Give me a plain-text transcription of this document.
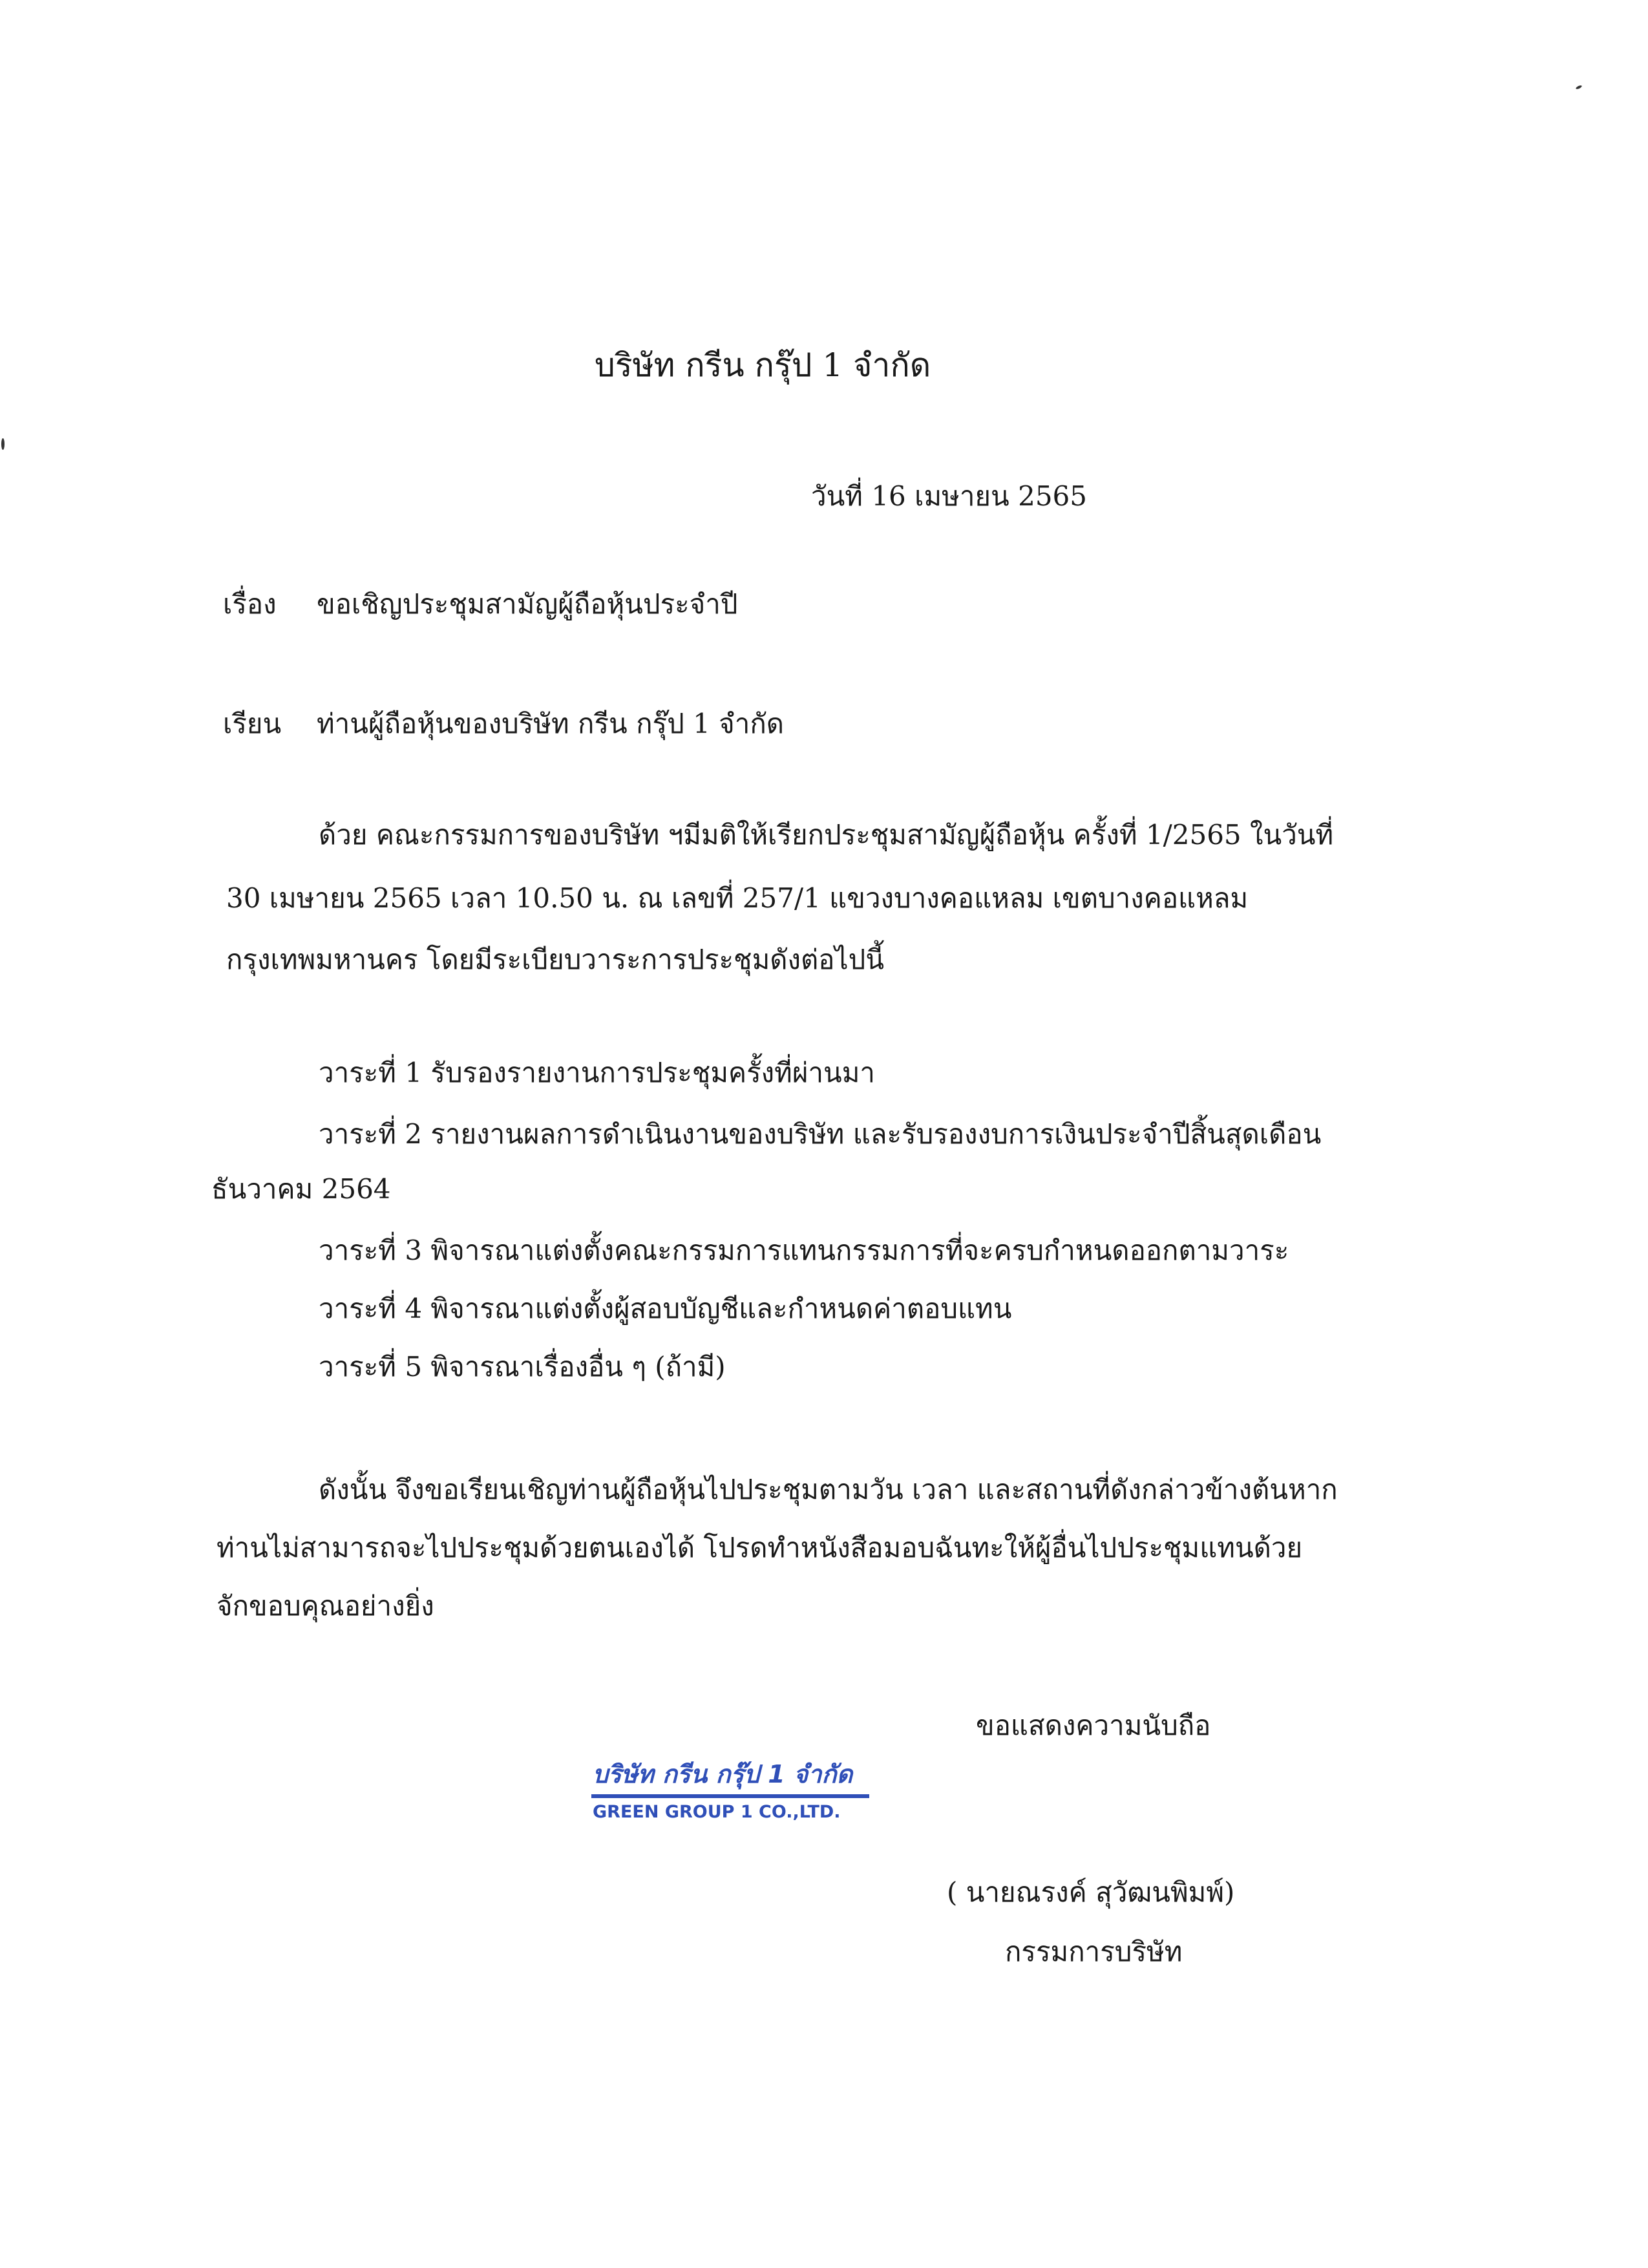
บริษัท กรีน กรุ๊ป 1 จำกัด

วันที่ 16 เมษายน 2565

เรื่อง ขอเชิญประชุมสามัญผู้ถือหุ้นประจำปี

เรียน ท่านผู้ถือหุ้นของบริษัท กรีน กรุ๊ป 1 จำกัด

ด้วย คณะกรรมการของบริษัท ฯมีมติให้เรียกประชุมสามัญผู้ถือหุ้น ครั้งที่ 1/2565 ในวันที่

30 เมษายน 2565 เวลา 10.50 น. ณ เลขที่ 257/1 แขวงบางคอแหลม เขตบางคอแหลม

กรุงเทพมหานคร โดยมีระเบียบวาระการประชุมดังต่อไปนี้

วาระที่ 1 รับรองรายงานการประชุมครั้งที่ผ่านมา

วาระที่ 2 รายงานผลการดำเนินงานของบริษัท และรับรองงบการเงินประจำปีสิ้นสุดเดือน

ธันวาคม 2564

วาระที่ 3 พิจารณาแต่งตั้งคณะกรรมการแทนกรรมการที่จะครบกำหนดออกตามวาระ

วาระที่ 4 พิจารณาแต่งตั้งผู้สอบบัญชีและกำหนดค่าตอบแทน

วาระที่ 5 พิจารณาเรื่องอื่น ๆ (ถ้ามี)

ดังนั้น จึงขอเรียนเชิญท่านผู้ถือหุ้นไปประชุมตามวัน เวลา และสถานที่ดังกล่าวข้างต้นหาก

ท่านไม่สามารถจะไปประชุมด้วยตนเองได้ โปรดทำหนังสือมอบฉันทะให้ผู้อื่นไปประชุมแทนด้วย

จักขอบคุณอย่างยิ่ง

ขอแสดงความนับถือ

บริษัท กรีน กรุ๊ป 1 จำกัด
GREEN GROUP 1 CO.,LTD.

( นายณรงค์ สุวัฒนพิมพ์)

กรรมการบริษัท
